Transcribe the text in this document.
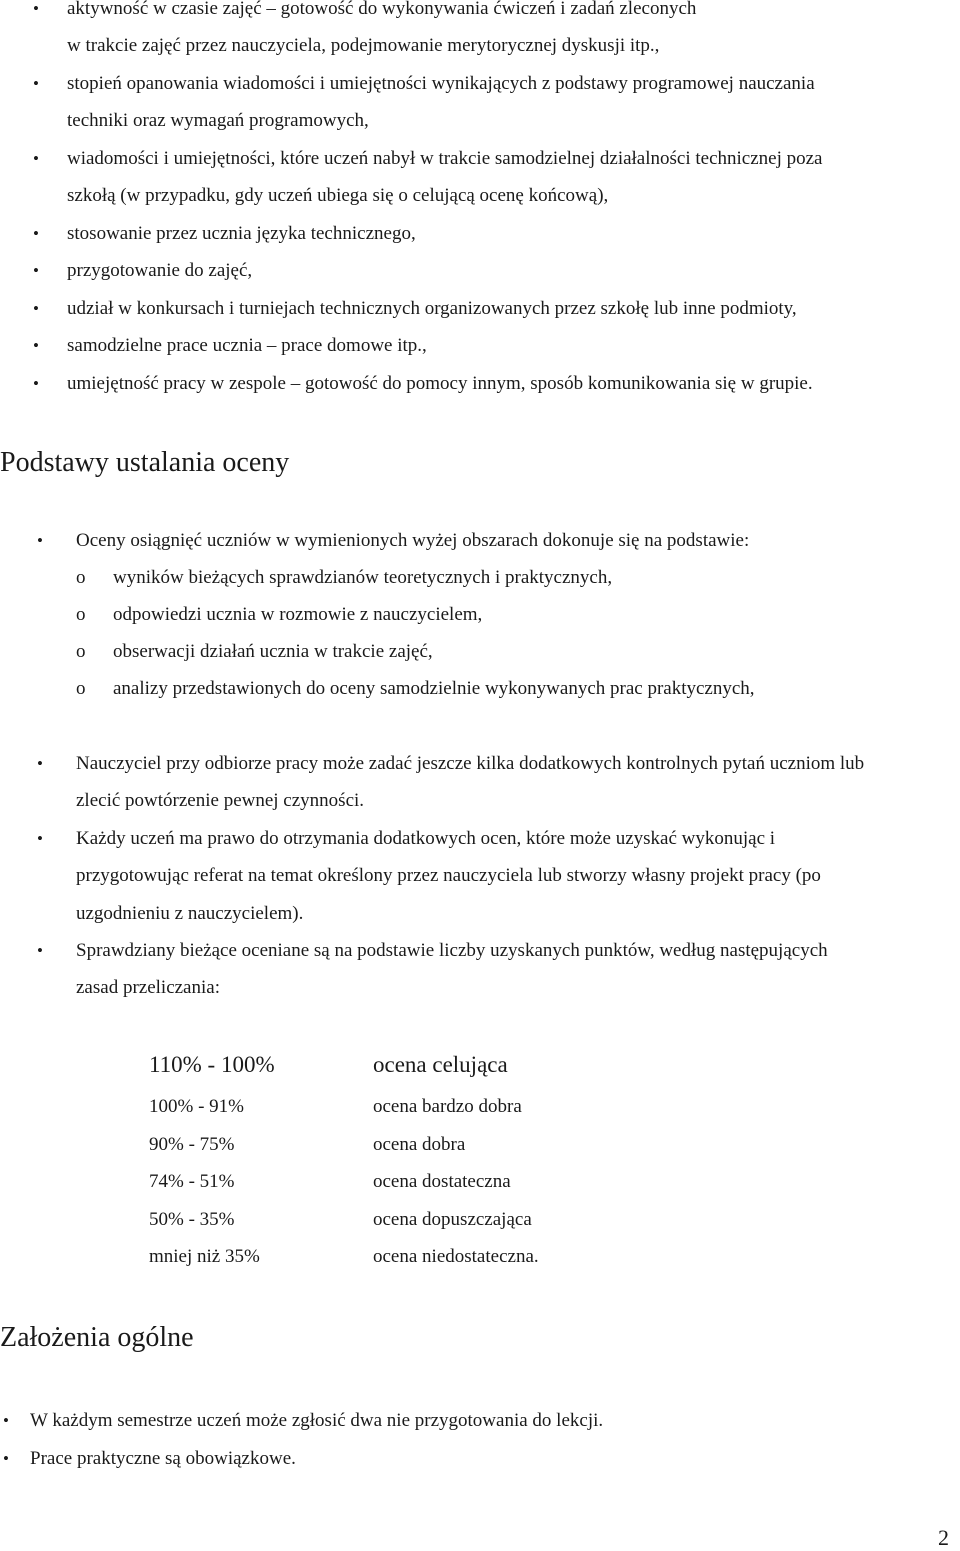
• aktywność w czasie zajęć – gotowość do wykonywania ćwiczeń i zadań zleconych
w trakcie zajęć przez nauczyciela, podejmowanie merytorycznej dyskusji itp.,
• stopień opanowania wiadomości i umiejętności wynikających z podstawy programowej nauczania
techniki oraz wymagań programowych,
• wiadomości i umiejętności, które uczeń nabył w trakcie samodzielnej działalności technicznej poza
szkołą (w przypadku, gdy uczeń ubiega się o celującą ocenę końcową),
• stosowanie przez ucznia języka technicznego,
• przygotowanie do zajęć,
• udział w konkursach i turniejach technicznych organizowanych przez szkołę lub inne podmioty,
• samodzielne prace ucznia – prace domowe itp.,
• umiejętność pracy w zespole – gotowość do pomocy innym, sposób komunikowania się w grupie.
Podstawy ustalania oceny
• Oceny osiągnięć uczniów w wymienionych wyżej obszarach dokonuje się na podstawie:
o wyników bieżących sprawdzianów teoretycznych i praktycznych,
o odpowiedzi ucznia w rozmowie z nauczycielem,
o obserwacji działań ucznia w trakcie zajęć,
o analizy przedstawionych do oceny samodzielnie wykonywanych prac praktycznych,
• Nauczyciel przy odbiorze pracy może zadać jeszcze kilka dodatkowych kontrolnych pytań uczniom lub
zlecić powtórzenie pewnej czynności.
• Każdy uczeń ma prawo do otrzymania dodatkowych ocen, które może uzyskać wykonując i
przygotowując referat na temat określony przez nauczyciela lub stworzy własny projekt pracy (po
uzgodnieniu z nauczycielem).
• Sprawdziany bieżące oceniane są na podstawie liczby uzyskanych punktów, według następujących
zasad przeliczania:
110% - 100%	ocena celująca
100% - 91%	ocena bardzo dobra
90% - 75%	ocena dobra
74% - 51%	ocena dostateczna
50% - 35%	ocena dopuszczająca
mniej niż 35%	ocena niedostateczna.
Założenia ogólne
• W każdym semestrze uczeń może zgłosić dwa nie przygotowania do lekcji.
• Prace praktyczne są obowiązkowe.
2
